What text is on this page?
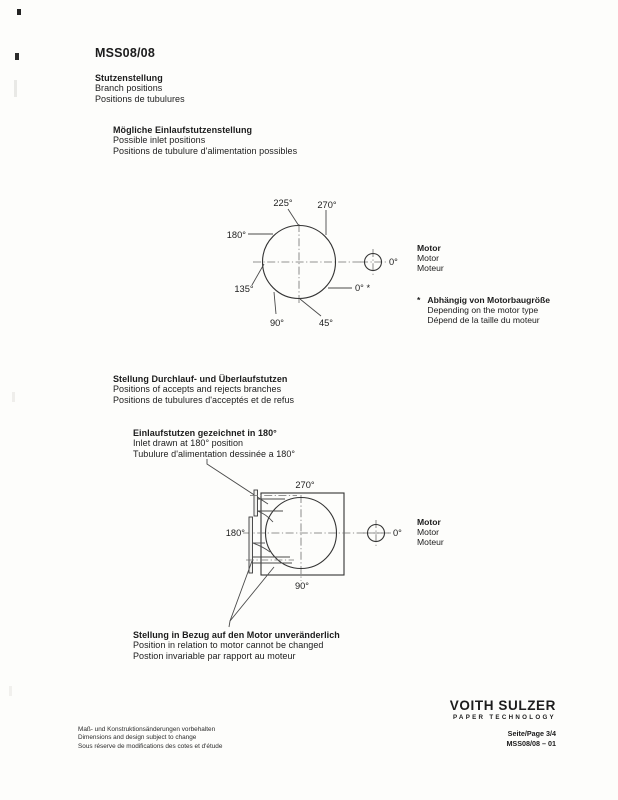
MSS08/08
Stutzenstellung
Branch positions
Positions de tubulures
Mögliche Einlaufstutzenstellung
Possible inlet positions
Positions de tubulure d'alimentation possibles
225°	270°
180°
135°
90°	45°
0° *
0°
Motor
Motor
Moteur
* Abhängig von Motorbaugröße
Depending on the motor type
Dépend de la taille du moteur
Stellung Durchlauf- und Überlaufstutzen
Positions of accepts and rejects branches
Positions de tubulures d'acceptés et de refus
Einlaufstutzen gezeichnet in 180°
Inlet drawn at 180° position
Tubulure d'alimentation dessinée a 180°
270°
180°
90°
0°
Motor
Motor
Moteur
Stellung in Bezug auf den Motor unveränderlich
Position in relation to motor cannot be changed
Postion invariable par rapport au moteur
VOITH SULZER
PAPER TECHNOLOGY
Maß- und Konstruktionsänderungen vorbehalten
Dimensions and design subject to change
Sous réserve de modifications des cotes et d'étude
Seite/Page 3/4
MSS08/08 – 01
